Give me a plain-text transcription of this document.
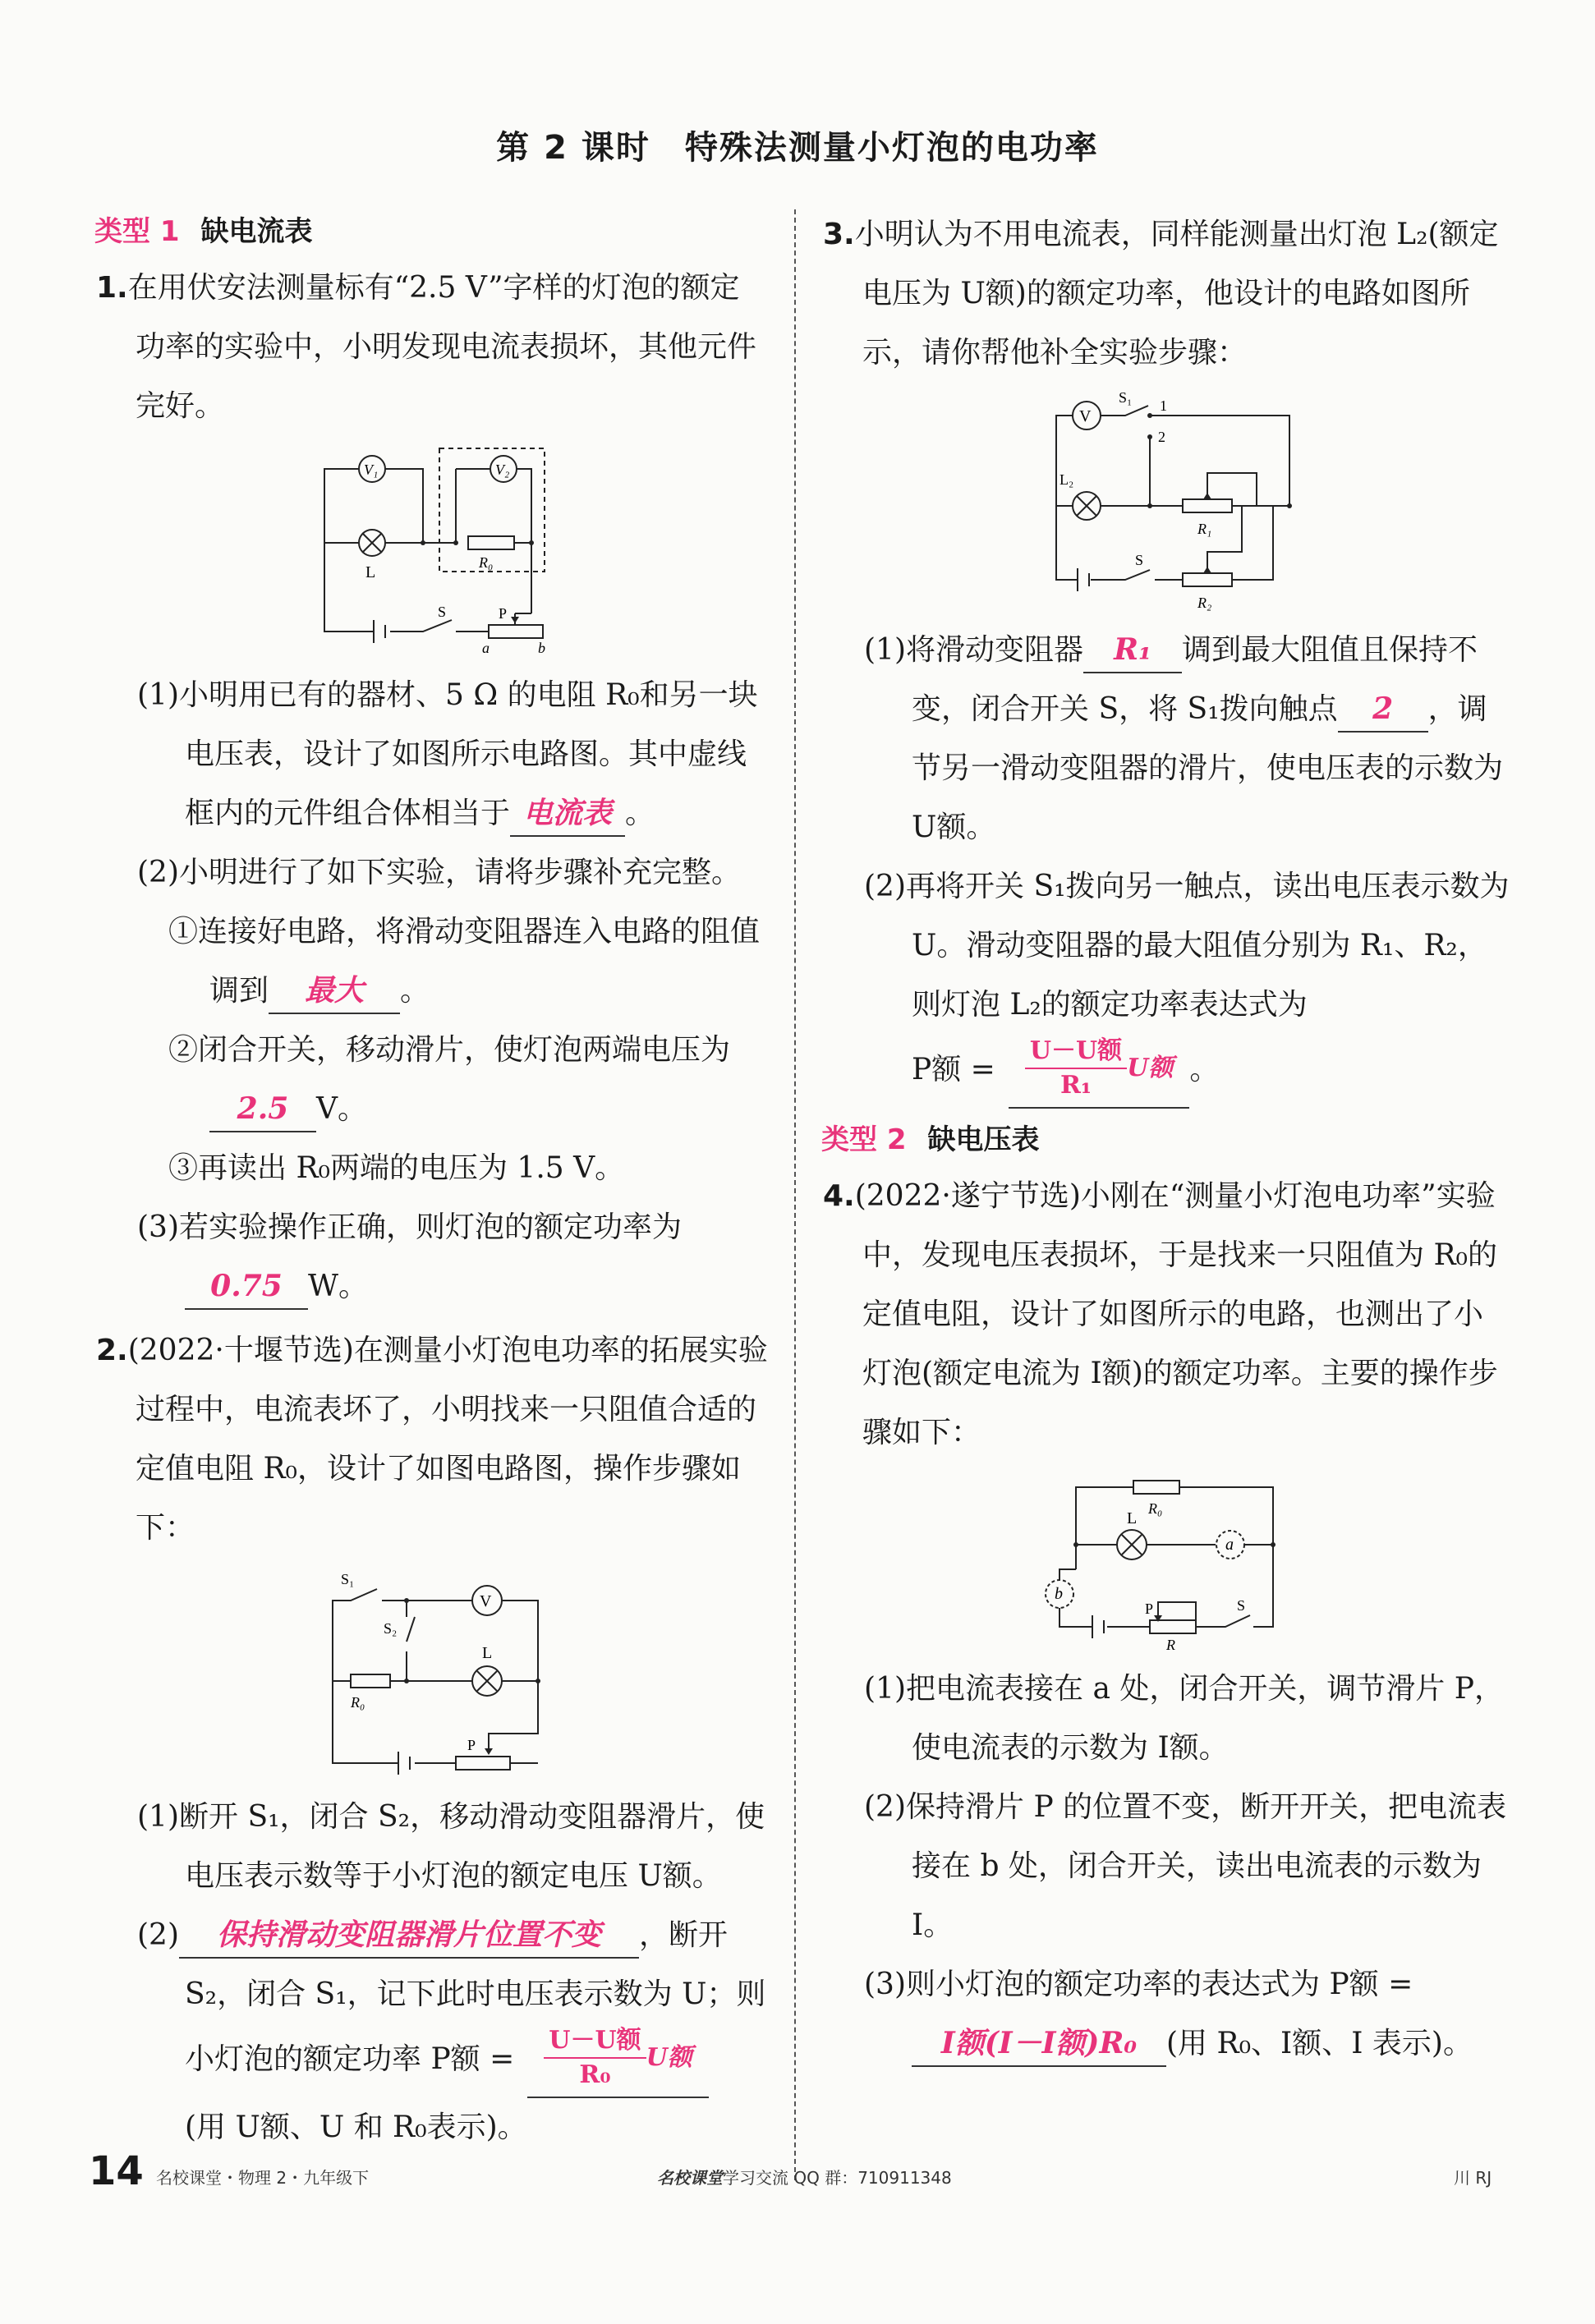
第 2 课时　特殊法测量小灯泡的电功率
类型 1 缺电流表

1.在用伏安法测量标有“2.5 V”字样的灯泡的额定功率的实验中，小明发现电流表损坏，其他元件完好。

V₁	V₂
L
R₀
S	P
a	b

(1)小明用已有的器材、5 Ω 的电阻 R₀和另一块电压表，设计了如图所示电路图。其中虚线框内的元件组合体相当于 电流表 。

(2)小明进行了如下实验，请将步骤补充完整。

①连接好电路，将滑动变阻器连入电路的阻值调到 最大 。

②闭合开关，移动滑片，使灯泡两端电压为2.5 V。

③再读出 R₀两端的电压为 1.5 V。

(3)若实验操作正确，则灯泡的额定功率为0.75 W。

2.(2022·十堰节选)在测量小灯泡电功率的拓展实验过程中，电流表坏了，小明找来一只阻值合适的定值电阻 R₀，设计了如图电路图，操作步骤如下：

S₁
S₂
V
L
R₀
P

(1)断开 S₁，闭合 S₂，移动滑动变阻器滑片，使电压表示数等于小灯泡的额定电压 U额。

(2) 保持滑动变阻器滑片位置不变 ，断开 S₂，闭合 S₁，记下此时电压表示数为 U；则小灯泡的额定功率 P额 = $\frac{\text{U－U额}}{\text{R₀}}$ U额

(用 U额、U 和 R₀表示)。

3.小明认为不用电流表，同样能测量出灯泡 L₂(额定电压为 U额)的额定功率，他设计的电路如图所示，请你帮他补全实验步骤：

V
S₁ 1
2
L₂
R₁
S
R₂

(1)将滑动变阻器 R₁ 调到最大阻值且保持不变，闭合开关 S，将 S₁拨向触点 2 ，调节另一滑动变阻器的滑片，使电压表的示数为 U额。

(2)再将开关 S₁拨向另一触点，读出电压表示数为 U。滑动变阻器的最大阻值分别为 R₁、R₂，则灯泡 L₂的额定功率表达式为

P额 = $\frac{\text{U－U额}}{\text{R₁}}$ U额 。

类型 2 缺电压表

4.(2022·遂宁节选)小刚在“测量小灯泡电功率”实验中，发现电压表损坏，于是找来一只阻值为 R₀的定值电阻，设计了如图所示的电路，也测出了小灯泡(额定电流为 I额)的额定功率。主要的操作步骤如下：

R₀
L
a
b
P	S
R

(1)把电流表接在 a 处，闭合开关，调节滑片 P，使电流表的示数为 I额。

(2)保持滑片 P 的位置不变，断开开关，把电流表接在 b 处，闭合开关，读出电流表的示数为 I。

(3)则小灯泡的额定功率的表达式为 P额 =I额(I－I额)R₀ (用 R₀、I额、I 表示)。

14 名校课堂・物理 2・九年级下	名校课堂学习交流 QQ 群：710911348	川 RJ
